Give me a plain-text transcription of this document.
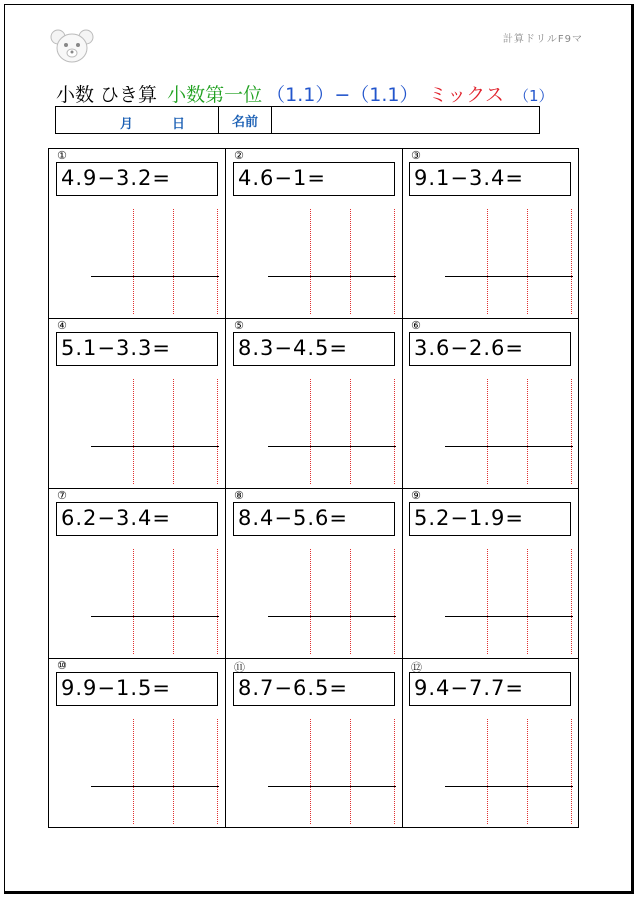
計算ドリルF9マ
小数 ひき算 小数第一位 （1.1）−（1.1） ミックス （1）
月	日	名前
①
4.9−3.2=
②
4.6−1=
③
9.1−3.4=
④
5.1−3.3=
⑤
8.3−4.5=
⑥
3.6−2.6=
⑦
6.2−3.4=
⑧
8.4−5.6=
⑨
5.2−1.9=
⑩
9.9−1.5=
⑪
8.7−6.5=
⑫
9.4−7.7=
